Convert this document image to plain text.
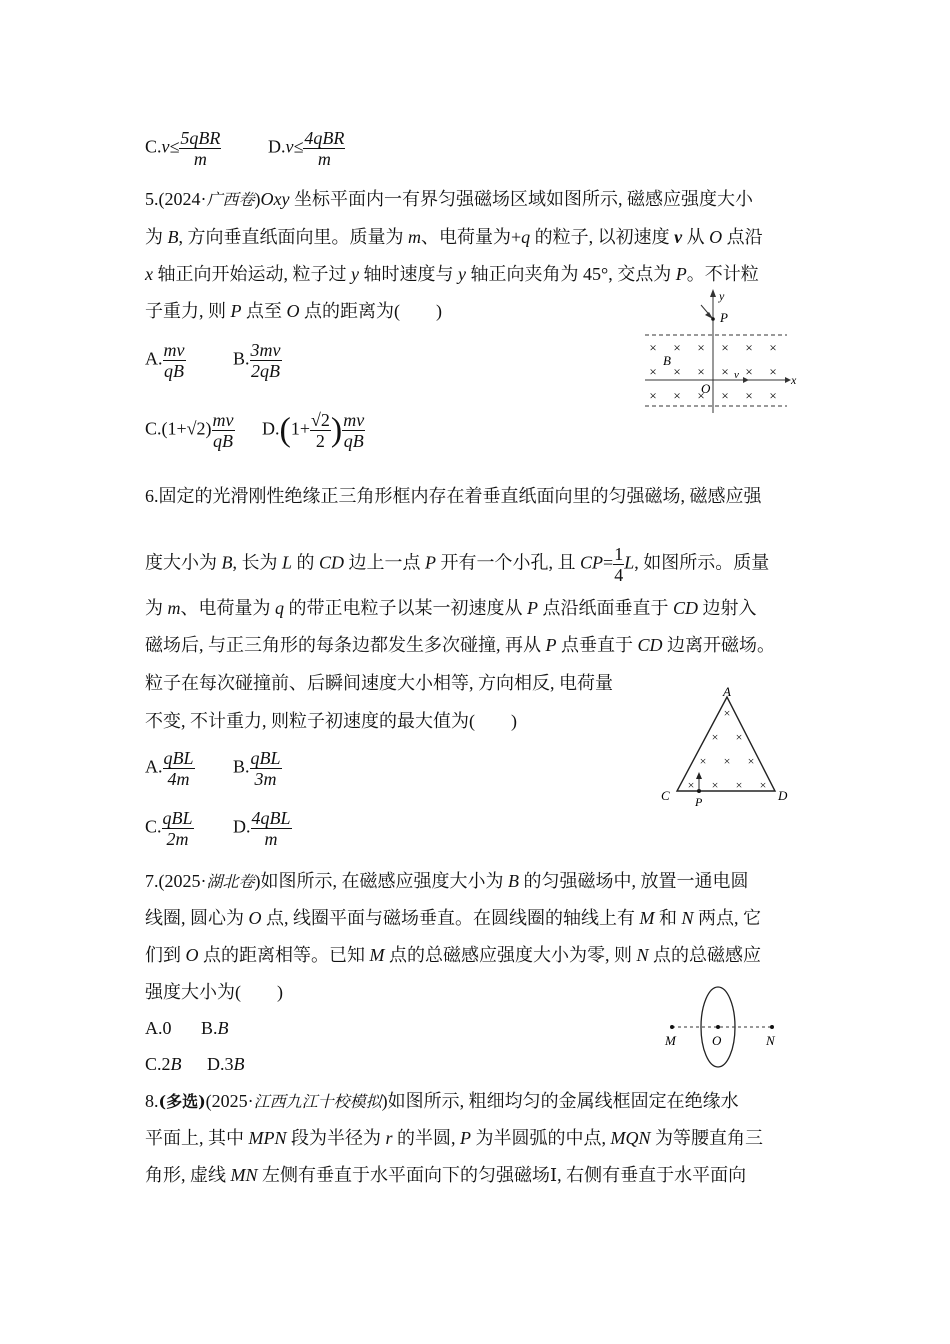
$C.v\le \frac{\text{5qBR}}{m}$	$D.v\le \frac{\text{4qBR}}{m}$
5.(2024·广西卷)Oxy 坐标平面内一有界匀强磁场区域如图所示, 磁感应强度大小
为 B, 方向垂直纸面向里。质量为 m、电荷量为+q 的粒子, 以初速度 v 从 O 点沿
x 轴正向开始运动, 粒子过 y 轴时速度与 y 轴正向夹角为 45°, 交点为 P。不计粒
子重力, 则 P 点至 O 点的距离为(　　)
A. $\frac{mv}{qB}$	B. $\frac{3mv}{2qB}$
$C.(1+√2) \frac{mv}{qB} D.(1+ \frac{√2}{2}$ ) $\frac{mv}{qB}$
y
P
B
O
v	x
× × × × × ×
× × × × × ×
× × × × × ×
6.固定的光滑刚性绝缘正三角形框内存在着垂直纸面向里的匀强磁场, 磁感应强
度大小为 B, 长为 L 的 CD 边上一点 P 开有一个小孔, 且 $CP= \frac{1}{4} L$, 如图所示。质量
为 m、电荷量为 q 的带正电粒子以某一初速度从 P 点沿纸面垂直于 CD 边射入
磁场后, 与正三角形的每条边都发生多次碰撞, 再从 P 点垂直于 CD 边离开磁场。
粒子在每次碰撞前、后瞬间速度大小相等, 方向相反, 电荷量
不变, 不计重力, 则粒子初速度的最大值为(　　)
A. $\frac{\text{qBL}}{4m} B$. $\frac{\text{qBL}}{3m}$
C. $\frac{\text{qBL}}{2m} D$. $\frac{\text{4qBL}}{m}$
A
C	D
P
×
× ×
× × ×
× × × ×
7.(2025·湖北卷)如图所示, 在磁感应强度大小为 B 的匀强磁场中, 放置一通电圆
线圈, 圆心为 O 点, 线圈平面与磁场垂直。在圆线圈的轴线上有 M 和 N 两点, 它
们到 O 点的距离相等。已知 M 点的总磁感应强度大小为零, 则 N 点的总磁感应
强度大小为(　　)
A.0 B.B
C.2B D.3B
M	O	N
8.(多选)(2025·江西九江十校模拟)如图所示, 粗细均匀的金属线框固定在绝缘水
平面上, 其中 MPN 段为半径为 r 的半圆, P 为半圆弧的中点, MQN 为等腰直角三
角形, 虚线 MN 左侧有垂直于水平面向下的匀强磁场Ⅰ, 右侧有垂直于水平面向
